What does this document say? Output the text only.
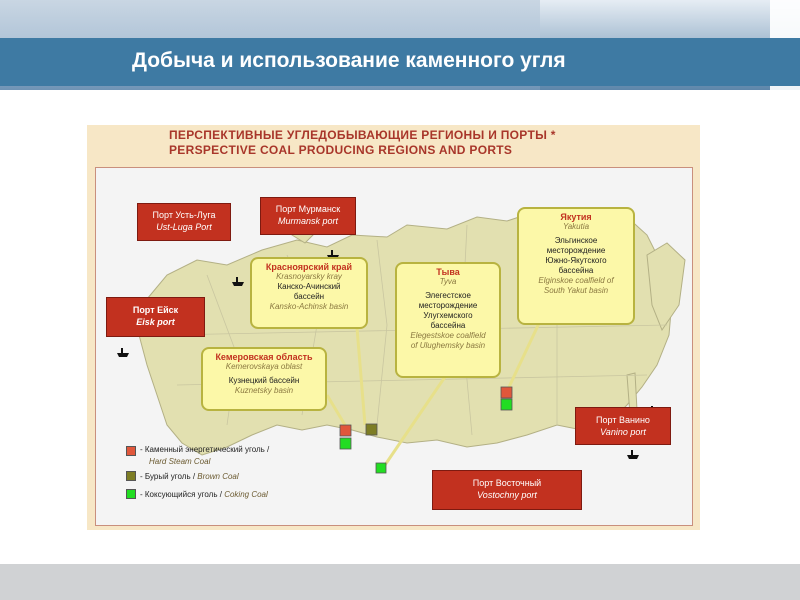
Добыча и использование каменного угля
ПЕРСПЕКТИВНЫЕ УГЛЕДОБЫВАЮЩИЕ РЕГИОНЫ И ПОРТЫ *
PERSPECTIVE COAL PRODUCING REGIONS AND PORTS
Порт Усть-Луга
Ust-Luga Port
Порт Мурманск
Murmansk port
Порт Ейск
Eisk port
Порт Ванино
Vanino port
Порт Восточный
Vostochny port
Красноярский край
Krasnoyarsky kray
Канско-Ачинский
бассейн
Kansko-Achinsk basin
Кемеровская область
Kemerovskaya oblast
Кузнецкий бассейн
Kuznetsky basin
Тыва
Tyva
Элегестское
месторождение
Улугхемского
бассейна
Elegestskoe coalfield
of Ulughemsky basin
Якутия
Yakutia
Эльгинское
месторождение
Южно-Якутского
бассейна
Elginskoe coalfield of
South Yakut basin
- Каменный энергетический уголь /
Hard Steam Coal
- Бурый уголь / Brown Coal
- Коксующийся уголь / Coking Coal
